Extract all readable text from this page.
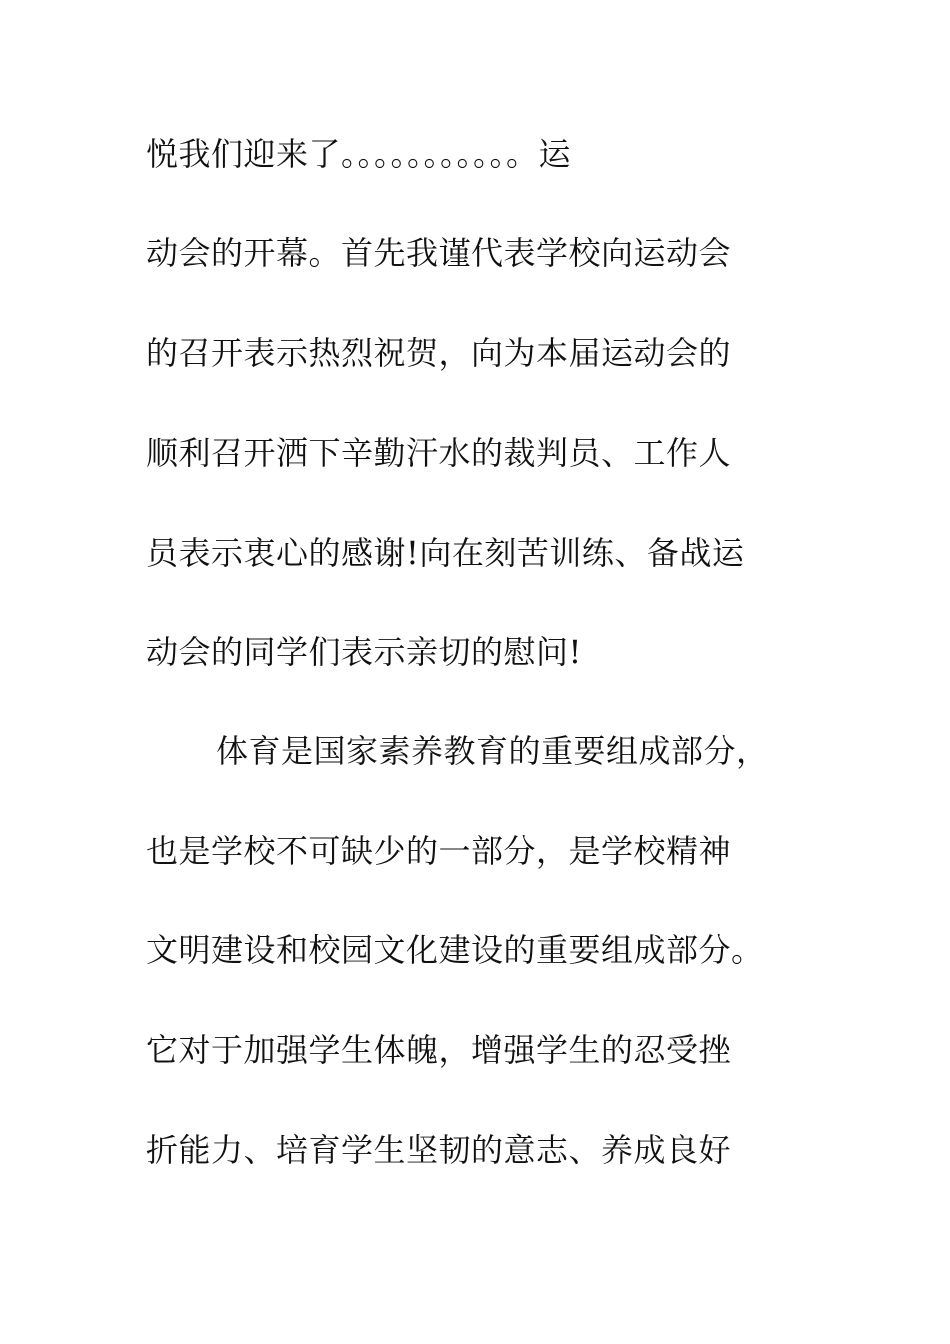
悦我们迎来了。。。。。。。。。。。运
动会的开幕。首先我谨代表学校向运动会
的召开表示热烈祝贺，向为本届运动会的
顺利召开洒下辛勤汗水的裁判员、工作人
员表示衷心的感谢!向在刻苦训练、备战运
动会的同学们表示亲切的慰问!
体育是国家素养教育的重要组成部分，
也是学校不可缺少的一部分，是学校精神
文明建设和校园文化建设的重要组成部分。
它对于加强学生体魄，增强学生的忍受挫
折能力、培育学生坚韧的意志、养成良好
